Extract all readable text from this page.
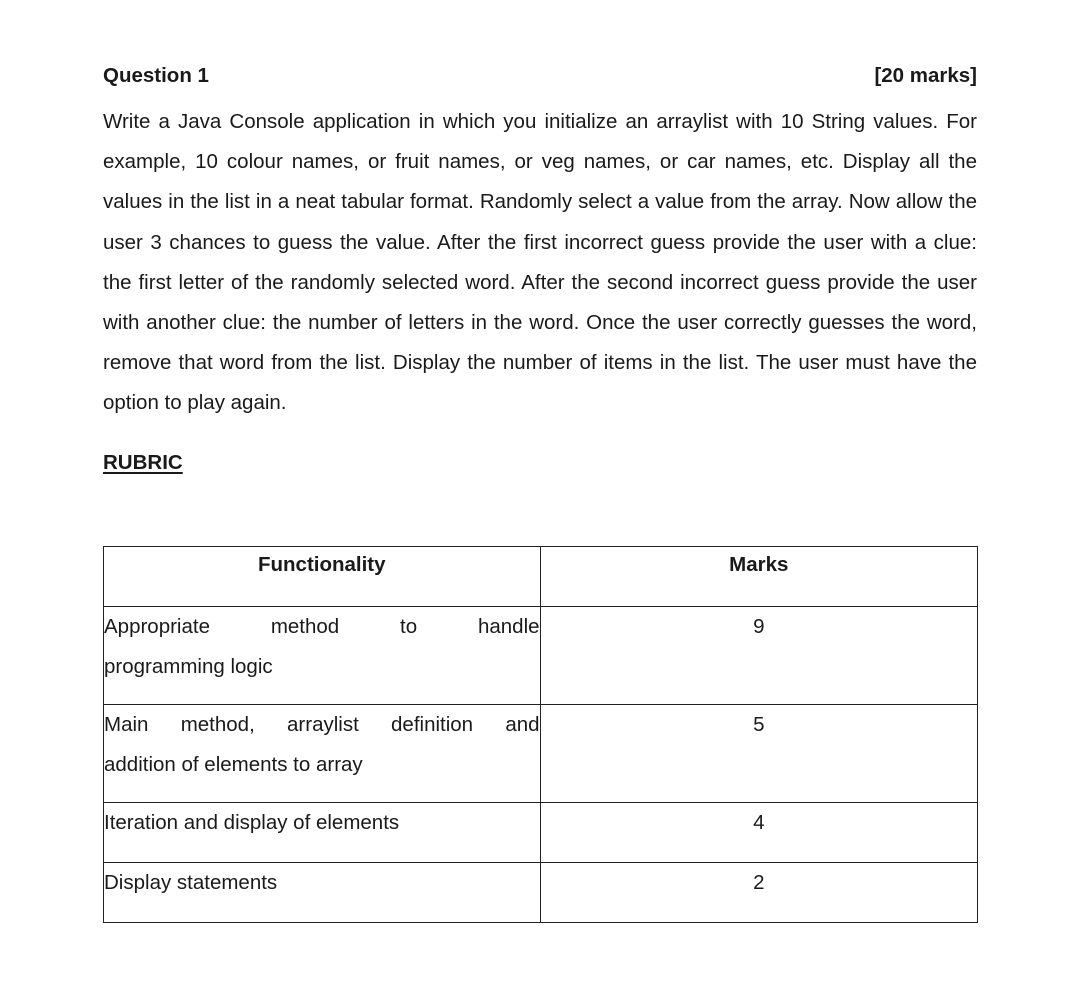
Question 1	[20 marks]

Write a Java Console application in which you initialize an arraylist with 10 String values. For example, 10 colour names, or fruit names, or veg names, or car names, etc. Display all the values in the list in a neat tabular format. Randomly select a value from the array. Now allow the user 3 chances to guess the value. After the first incorrect guess provide the user with a clue: the first letter of the randomly selected word. After the second incorrect guess provide the user with another clue: the number of letters in the word. Once the user correctly guesses the word, remove that word from the list. Display the number of items in the list. The user must have the option to play again.

RUBRIC
Functionality	Marks

Appropriate method to handle
programming logic	9

Main method, arraylist definition and
addition of elements to array	5
Iteration and display of elements	4
Display statements	2
